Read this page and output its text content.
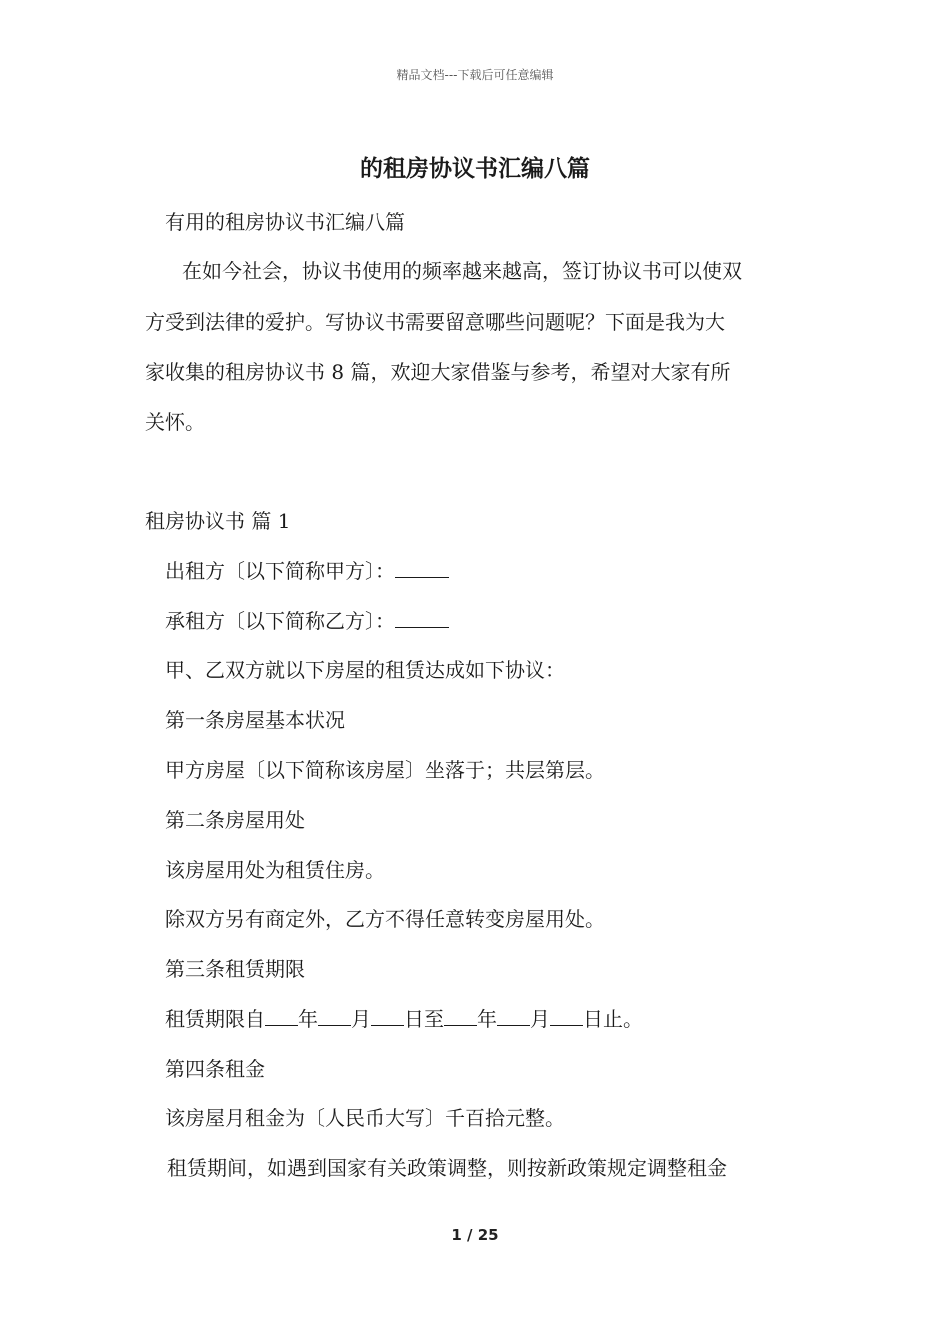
精品文档---下载后可任意编辑
的租房协议书汇编八篇
有用的租房协议书汇编八篇
在如今社会，协议书使用的频率越来越高，签订协议书可以使双
方受到法律的爱护。写协议书需要留意哪些问题呢？下面是我为大
家收集的租房协议书 8 篇，欢迎大家借鉴与参考，希望对大家有所
关怀。
租房协议书 篇 1
出租方〔以下简称甲方〕：
承租方〔以下简称乙方〕：
甲、乙双方就以下房屋的租赁达成如下协议：
第一条房屋基本状况
甲方房屋〔以下简称该房屋〕坐落于；共层第层。
第二条房屋用处
该房屋用处为租赁住房。
除双方另有商定外，乙方不得任意转变房屋用处。
第三条租赁期限
租赁期限自 年 月 日至 年 月 日止。
第四条租金
该房屋月租金为〔人民币大写〕千百拾元整。
租赁期间，如遇到国家有关政策调整，则按新政策规定调整租金
1 / 25
